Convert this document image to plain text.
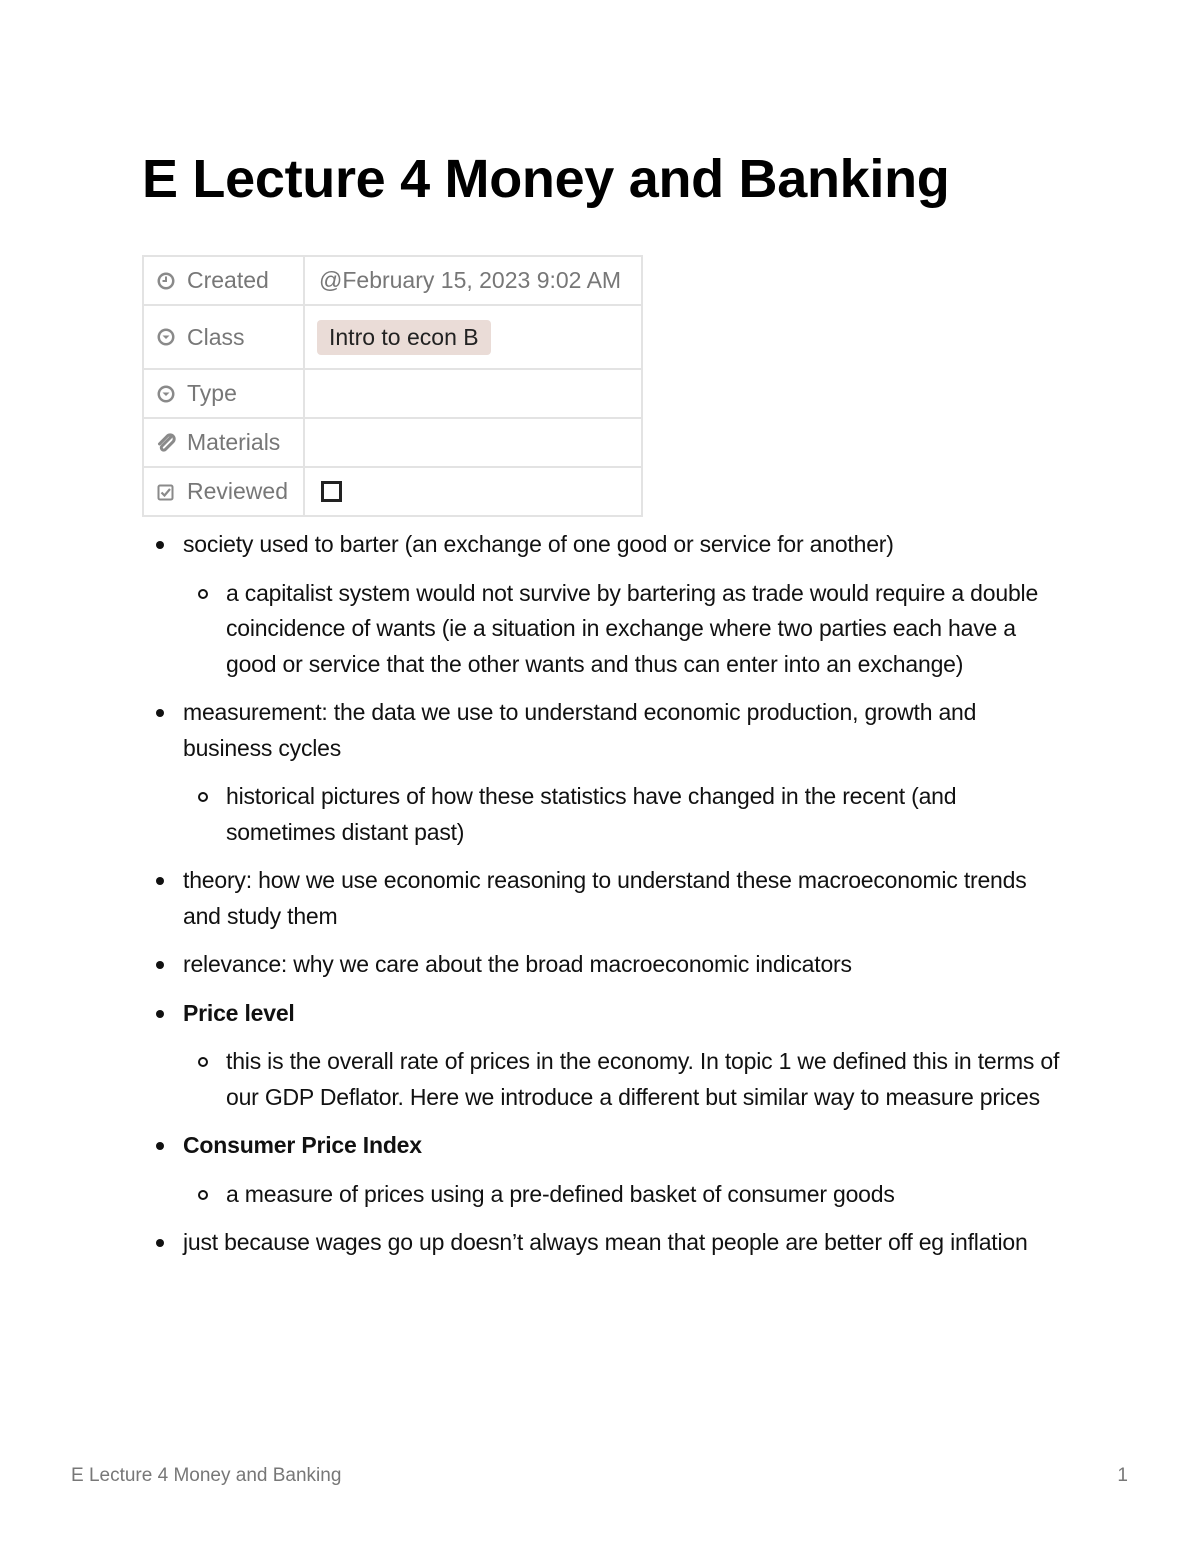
E Lecture 4 Money and Banking
Created	@February 15, 2023 9:02 AM

Class	Intro to econ B

Type	

Materials	

Reviewed	

society used to barter (an exchange of one good or service for another)
a capitalist system would not survive by bartering as trade would require a double coincidence of wants (ie a situation in exchange where two parties each have a good or service that the other wants and thus can enter into an exchange)
measurement: the data we use to understand economic production, growth and business cycles
historical pictures of how these statistics have changed in the recent (and sometimes distant past)
theory: how we use economic reasoning to understand these macroeconomic trends and study them
relevance: why we care about the broad macroeconomic indicators
Price level
this is the overall rate of prices in the economy. In topic 1 we defined this in terms of our GDP Deflator. Here we introduce a different but similar way to measure prices
Consumer Price Index
a measure of prices using a pre-defined basket of consumer goods
just because wages go up doesn’t always mean that people are better off eg inflation
E Lecture 4 Money and Banking	1
